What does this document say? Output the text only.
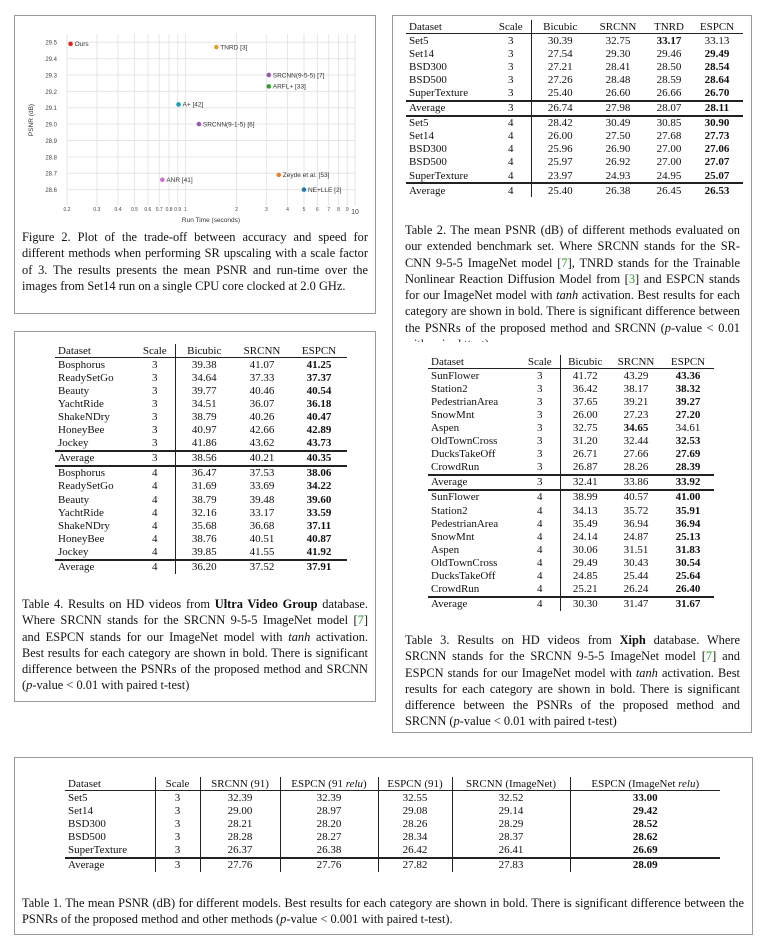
28.6
28.7
28.8
28.9
29.0
29.1
29.2
29.3
29.4
29.5
0.2	0.3	0.4 0.5 0.6 0.7 0.8 0.9 1	2	3	4	5 6 7 8 9 10
Run Time (seconds)
PSNR (dB)
Ours	TNRD [3]
SRCNN(9-5-5) [7]
ARFL+ [33]
A+ [42]
SRCNN(9-1-5) [6]
ANR [41]
Zeyde et al. [53]
NE+LLE [2]
Figure 2. Plot of the trade-off between accuracy and speed for different methods when performing SR upscaling with a scale factor of 3. The results presents the mean PSNR and run-time over the images from Set14 run on a single CPU core clocked at 2.0 GHz.
Dataset	Scale	Bicubic	SRCNN	TNRD	ESPCN
Set5	3	30.39	32.75	33.17	33.13
Set14	3	27.54	29.30	29.46	29.49
BSD300	3	27.21	28.41	28.50	28.54
BSD500	3	27.26	28.48	28.59	28.64
SuperTexture	3	25.40	26.60	26.66	26.70
Average	3	26.74	27.98	28.07	28.11
Set5	4	28.42	30.49	30.85	30.90
Set14	4	26.00	27.50	27.68	27.73
BSD300	4	25.96	26.90	27.00	27.06
BSD500	4	25.97	26.92	27.00	27.07
SuperTexture	4	23.97	24.93	24.95	25.07
Average	4	25.40	26.38	26.45	26.53
Table 2. The mean PSNR (dB) of different methods evaluated on our extended benchmark set. Where SRCNN stands for the SR-CNN 9-5-5 ImageNet model [7], TNRD stands for the Trainable Nonlinear Reaction Diffusion Model from [3] and ESPCN stands for our ImageNet model with tanh activation. Best results for each category are shown in bold. There is significant difference between the PSNRs of the proposed method and SRCNN (p-value < 0.01
Dataset	Scale	Bicubic	SRCNN	ESPCN
Bosphorus	3	39.38	41.07	41.25
ReadySetGo	3	34.64	37.33	37.37
Beauty	3	39.77	40.46	40.54
YachtRide	3	34.51	36.07	36.18
ShakeNDry	3	38.79	40.26	40.47
HoneyBee	3	40.97	42.66	42.89
Jockey	3	41.86	43.62	43.73
Average	3	38.56	40.21	40.35
Bosphorus	4	36.47	37.53	38.06
ReadySetGo	4	31.69	33.69	34.22
Beauty	4	38.79	39.48	39.60
YachtRide	4	32.16	33.17	33.59
ShakeNDry	4	35.68	36.68	37.11
HoneyBee	4	38.76	40.51	40.87
Jockey	4	39.85	41.55	41.92
Average	4	36.20	37.52	37.91
Table 4. Results on HD videos from Ultra Video Group database. Where SRCNN stands for the SRCNN 9-5-5 ImageNet model [7] and ESPCN stands for our ImageNet model with tanh activation. Best results for each category are shown in bold. There is significant difference between the PSNRs of the proposed method and SRCNN (p-value < 0.01 with paired t-test)
Dataset	Scale	Bicubic	SRCNN	ESPCN
SunFlower	3	41.72	43.29	43.36
Station2	3	36.42	38.17	38.32
PedestrianArea	3	37.65	39.21	39.27
SnowMnt	3	26.00	27.23	27.20
Aspen	3	32.75	34.65	34.61
OldTownCross	3	31.20	32.44	32.53
DucksTakeOff	3	26.71	27.66	27.69
CrowdRun	3	26.87	28.26	28.39
Average	3	32.41	33.86	33.92
SunFlower	4	38.99	40.57	41.00
Station2	4	34.13	35.72	35.91
PedestrianArea	4	35.49	36.94	36.94
SnowMnt	4	24.14	24.87	25.13
Aspen	4	30.06	31.51	31.83
OldTownCross	4	29.49	30.43	30.54
DucksTakeOff	4	24.85	25.44	25.64
CrowdRun	4	25.21	26.24	26.40
Average	4	30.30	31.47	31.67
Table 3. Results on HD videos from Xiph database. Where SRCNN stands for the SRCNN 9-5-5 ImageNet model [7] and ESPCN stands for our ImageNet model with tanh activation. Best results for each category are shown in bold. There is significant difference between the PSNRs of the proposed method and SRCNN (p-value < 0.01 with paired t-test)
Dataset	Scale	SRCNN (91)	ESPCN (91 relu)	ESPCN (91)	SRCNN (ImageNet)	ESPCN (ImageNet relu)
Set5	3	32.39	32.39	32.55	32.52	33.00
Set14	3	29.00	28.97	29.08	29.14	29.42
BSD300	3	28.21	28.20	28.26	28.29	28.52
BSD500	3	28.28	28.27	28.34	28.37	28.62
SuperTexture	3	26.37	26.38	26.42	26.41	26.69
Average	3	27.76	27.76	27.82	27.83	28.09
Table 1. The mean PSNR (dB) for different models. Best results for each category are shown in bold. There is significant difference between the PSNRs of the proposed method and other methods (p-value < 0.001 with paired t-test).
